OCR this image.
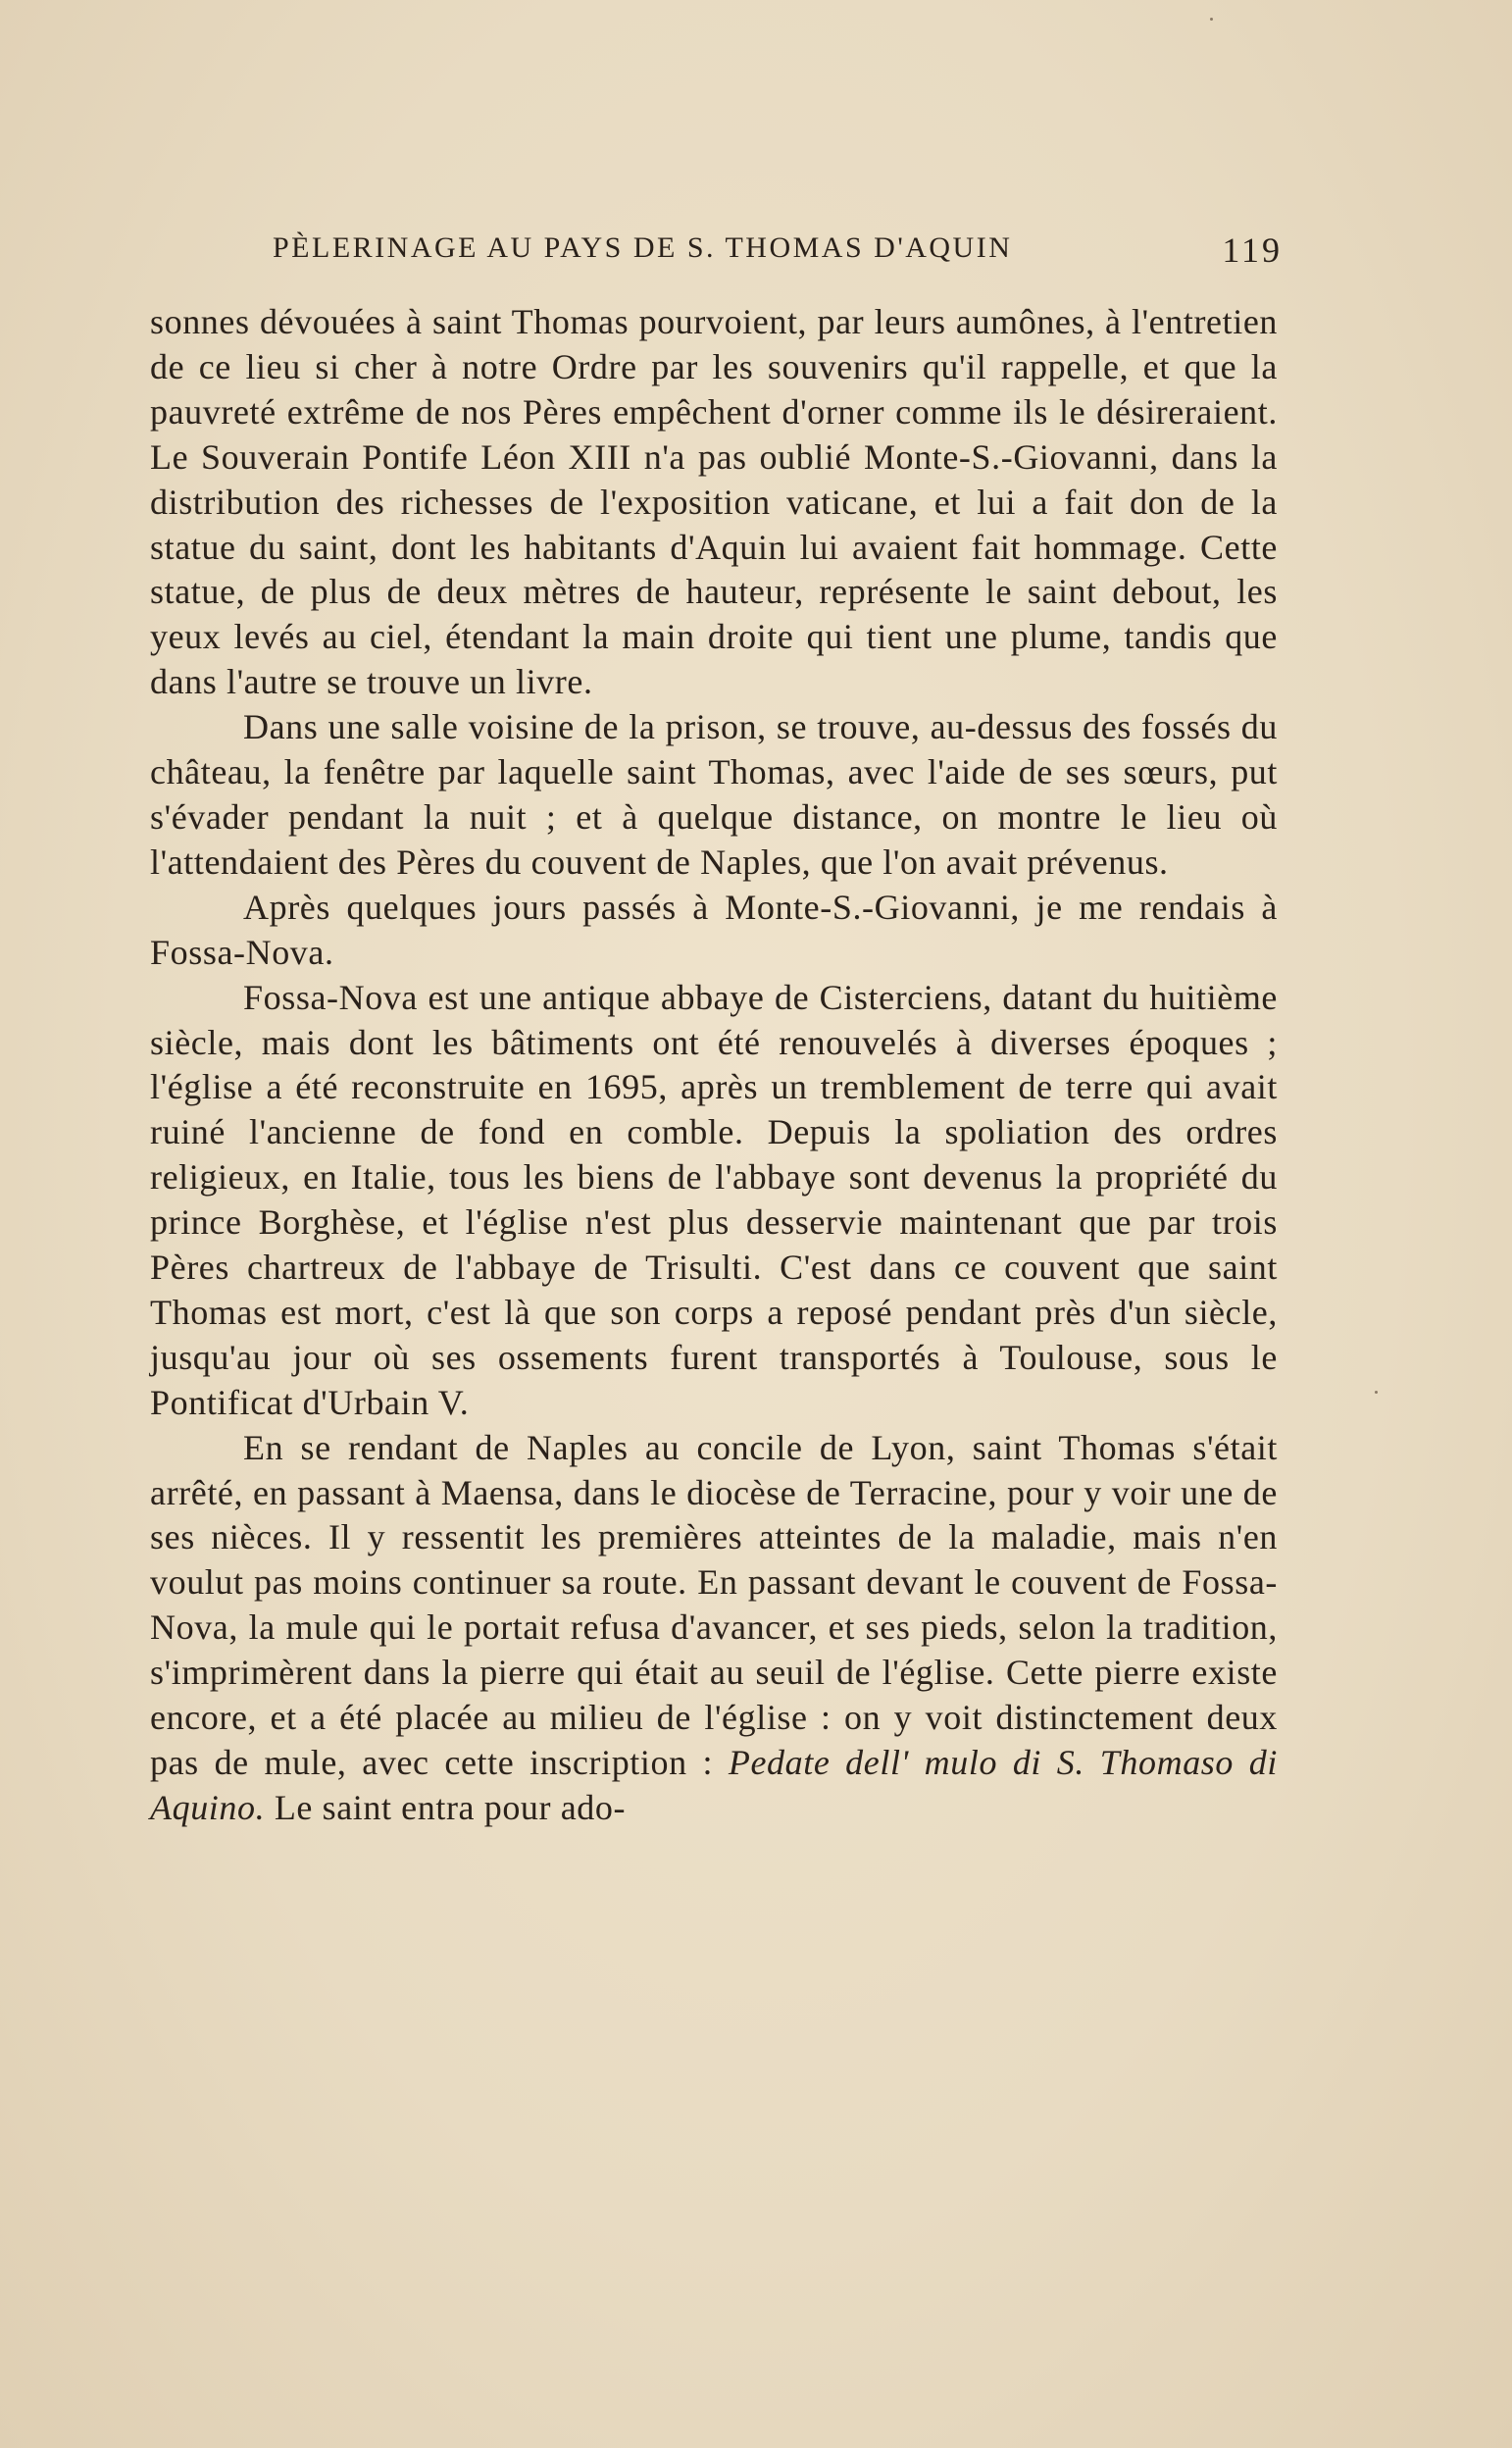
PÈLERINAGE AU PAYS DE S. THOMAS D'AQUIN	119

sonnes dévouées à saint Thomas pourvoient, par leurs aumônes, à l'entretien de ce lieu si cher à notre Ordre par les souvenirs qu'il rappelle, et que la pauvreté extrême de nos Pères empêchent d'orner comme ils le désireraient. Le Souverain Pontife Léon XIII n'a pas oublié Monte-S.-Giovanni, dans la distribution des richesses de l'exposition vaticane, et lui a fait don de la statue du saint, dont les habitants d'Aquin lui avaient fait hommage. Cette statue, de plus de deux mètres de hauteur, représente le saint debout, les yeux levés au ciel, étendant la main droite qui tient une plume, tandis que dans l'autre se trouve un livre.

Dans une salle voisine de la prison, se trouve, au-dessus des fossés du château, la fenêtre par laquelle saint Thomas, avec l'aide de ses sœurs, put s'évader pendant la nuit ; et à quelque distance, on montre le lieu où l'attendaient des Pères du couvent de Naples, que l'on avait prévenus.

Après quelques jours passés à Monte-S.-Giovanni, je me rendais à Fossa-Nova.

Fossa-Nova est une antique abbaye de Cisterciens, datant du huitième siècle, mais dont les bâtiments ont été renouvelés à diverses époques ; l'église a été reconstruite en 1695, après un tremblement de terre qui avait ruiné l'ancienne de fond en comble. Depuis la spoliation des ordres religieux, en Italie, tous les biens de l'abbaye sont devenus la propriété du prince Borghèse, et l'église n'est plus desservie maintenant que par trois Pères chartreux de l'abbaye de Trisulti. C'est dans ce couvent que saint Thomas est mort, c'est là que son corps a reposé pendant près d'un siècle, jusqu'au jour où ses ossements furent transportés à Toulouse, sous le Pontificat d'Urbain V.

En se rendant de Naples au concile de Lyon, saint Thomas s'était arrêté, en passant à Maensa, dans le diocèse de Terracine, pour y voir une de ses nièces. Il y ressentit les premières atteintes de la maladie, mais n'en voulut pas moins continuer sa route. En passant devant le couvent de Fossa-Nova, la mule qui le portait refusa d'avancer, et ses pieds, selon la tradition, s'imprimèrent dans la pierre qui était au seuil de l'église. Cette pierre existe encore, et a été placée au milieu de l'église : on y voit distinctement deux pas de mule, avec cette inscription : Pedate dell' mulo di S. Thomaso di Aquino. Le saint entra pour ado-
